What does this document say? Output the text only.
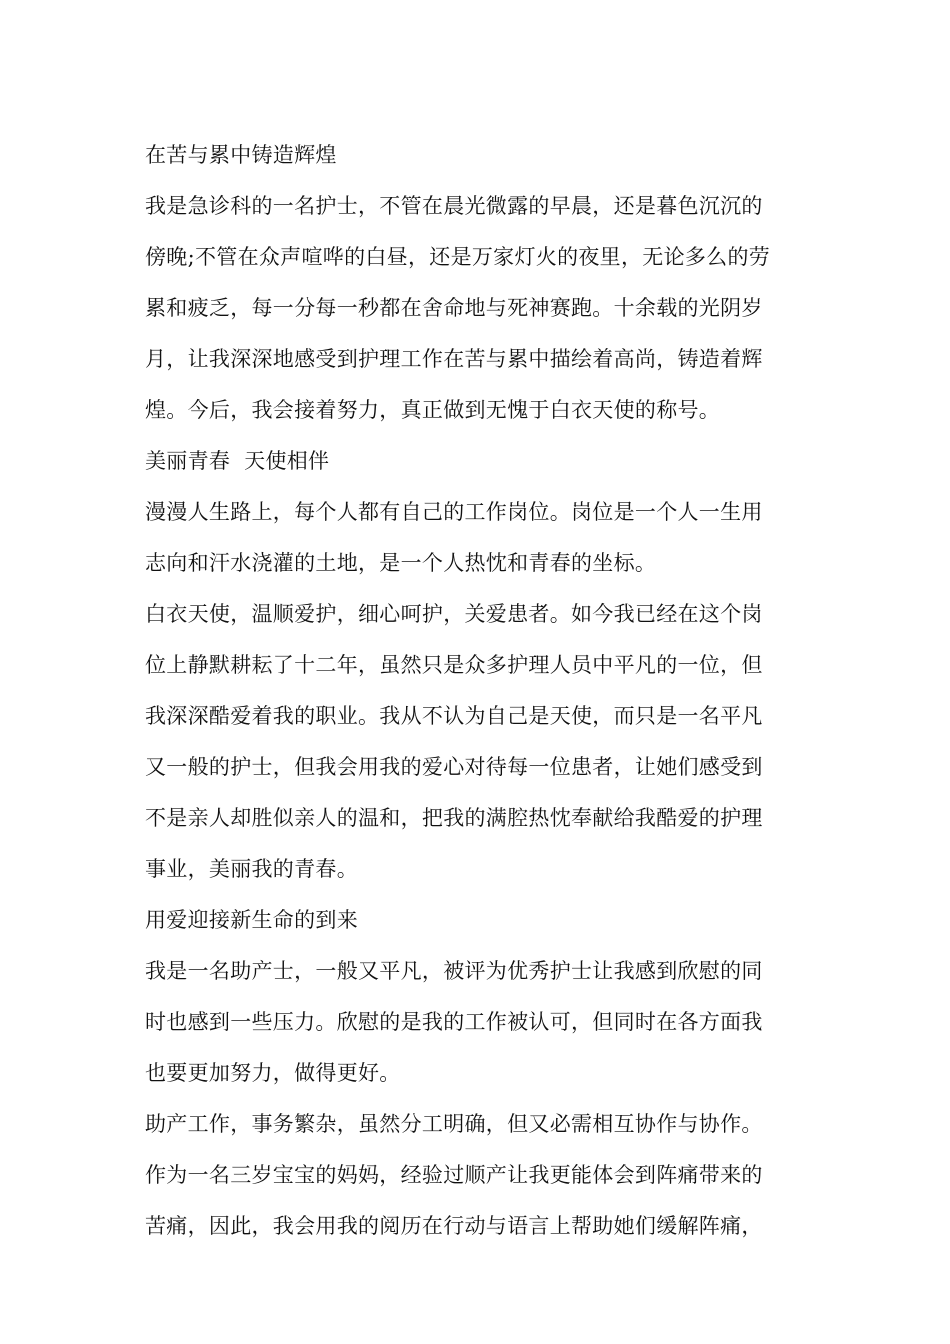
在苦与累中铸造辉煌
我是急诊科的一名护士，不管在晨光微露的早晨，还是暮色沉沉的
傍晚;不管在众声喧哗的白昼，还是万家灯火的夜里，无论多么的劳
累和疲乏，每一分每一秒都在舍命地与死神赛跑。十余载的光阴岁
月，让我深深地感受到护理工作在苦与累中描绘着高尚，铸造着辉
煌。今后，我会接着努力，真正做到无愧于白衣天使的称号。
美丽青春  天使相伴
漫漫人生路上，每个人都有自己的工作岗位。岗位是一个人一生用
志向和汗水浇灌的土地，是一个人热忱和青春的坐标。
白衣天使，温顺爱护，细心呵护，关爱患者。如今我已经在这个岗
位上静默耕耘了十二年，虽然只是众多护理人员中平凡的一位，但
我深深酷爱着我的职业。我从不认为自己是天使，而只是一名平凡
又一般的护士，但我会用我的爱心对待每一位患者，让她们感受到
不是亲人却胜似亲人的温和，把我的满腔热忱奉献给我酷爱的护理
事业，美丽我的青春。
用爱迎接新生命的到来
我是一名助产士，一般又平凡，被评为优秀护士让我感到欣慰的同
时也感到一些压力。欣慰的是我的工作被认可，但同时在各方面我
也要更加努力，做得更好。
助产工作，事务繁杂，虽然分工明确，但又必需相互协作与协作。
作为一名三岁宝宝的妈妈，经验过顺产让我更能体会到阵痛带来的
苦痛，因此，我会用我的阅历在行动与语言上帮助她们缓解阵痛，
